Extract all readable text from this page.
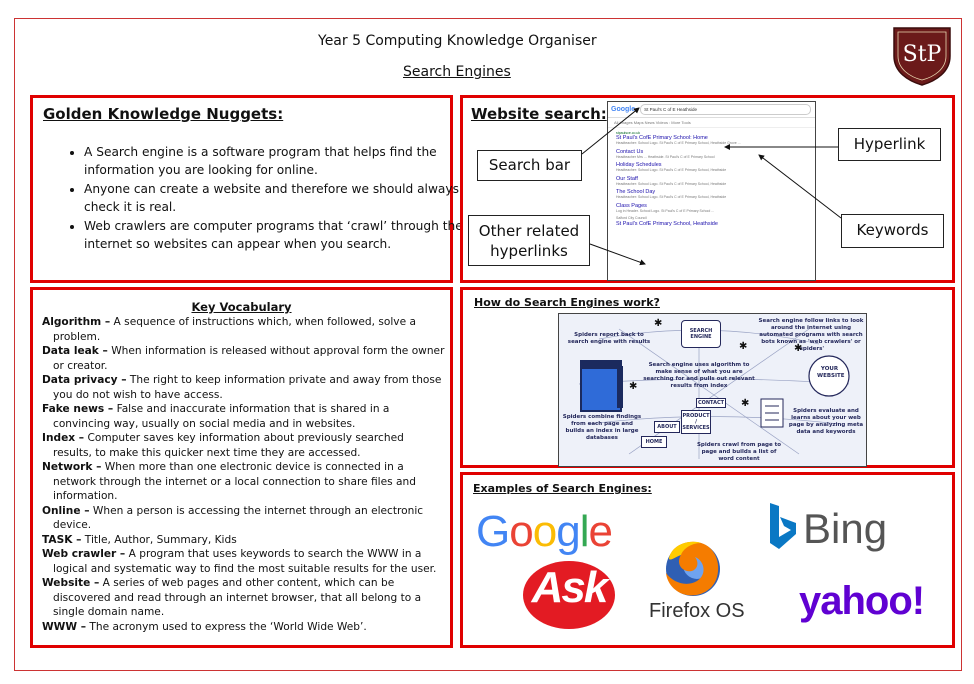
Year 5 Computing Knowledge Organiser
Search Engines
StP
Golden Knowledge Nuggets:
• A Search engine is a software program that helps find the information you are looking for online.
• Anyone can create a website and therefore we should always check it is real.
• Web crawlers are computer programs that ‘crawl’ through the internet so websites can appear when you search.
Website search: Google	St Paul's C of E Heathside
All Images Maps News Videos : More Tools
stpaulsce.co.uk
St Paul's CofE Primary School: Home
Headteacher: School Logo. St Paul's C of E Primary School, Heathside Grove ...
Contact Us
Headteacher Mrs ... Heathside. St Paul's C of E Primary School
Holiday Schedules
Headteacher: School Logo. St Paul's C of E Primary School, Heathside
Our Staff
Headteacher: School Logo. St Paul's C of E Primary School, Heathside
The School Day
Headteacher: School Logo. St Paul's C of E Primary School, Heathside
Class Pages
Log in Header. School Logo. St Paul's C of E Primary School ...
Salford City Council
St Paul's CofE Primary School, Heathside
Search bar
Hyperlink
Keywords
Other related hyperlinks
Key Vocabulary

Algorithm – A sequence of instructions which, when followed, solve a problem.

Data leak – When information is released without approval form the owner or creator.

Data privacy – The right to keep information private and away from those you do not wish to have access.

Fake news – False and inaccurate information that is shared in a convincing way, usually on social media and in websites.

Index – Computer saves key information about previously searched results, to make this quicker next time they are accessed.

Network – When more than one electronic device is connected in a network through the internet or a local connection to share files and information.

Online – When a person is accessing the internet through an electronic device.

TASK – Title, Author, Summary, Kids

Web crawler – A program that uses keywords to search the WWW in a logical and systematic way to find the most suitable results for the user.

Website – A series of web pages and other content, which can be discovered and read through an internet browser, that all belong to a single domain name.

WWW – The acronym used to express the ‘World Wide Web’.

How do Search Engines work?
SEARCH ENGINE
YOUR WEBSITE
CONTACT
PRODUCT / SERVICES
ABOUT
HOME
Spiders report back to search engine with results
Search engine follow links to look around the internet using automated programs with search bots known as 'web crawlers' or 'spiders'
Search engine uses algorithm to make sense of what you are searching for and pulls out relevant results from index
Spiders combine findings from each page and builds an index in large databases
Spiders evaluate and learns about your web page by analyzing meta data and keywords
Spiders crawl from page to page and builds a list of word content
✱
✱
✱
✱
✱
Examples of Search Engines:
Google	Bing
Ask	Firefox OS yahoo!
